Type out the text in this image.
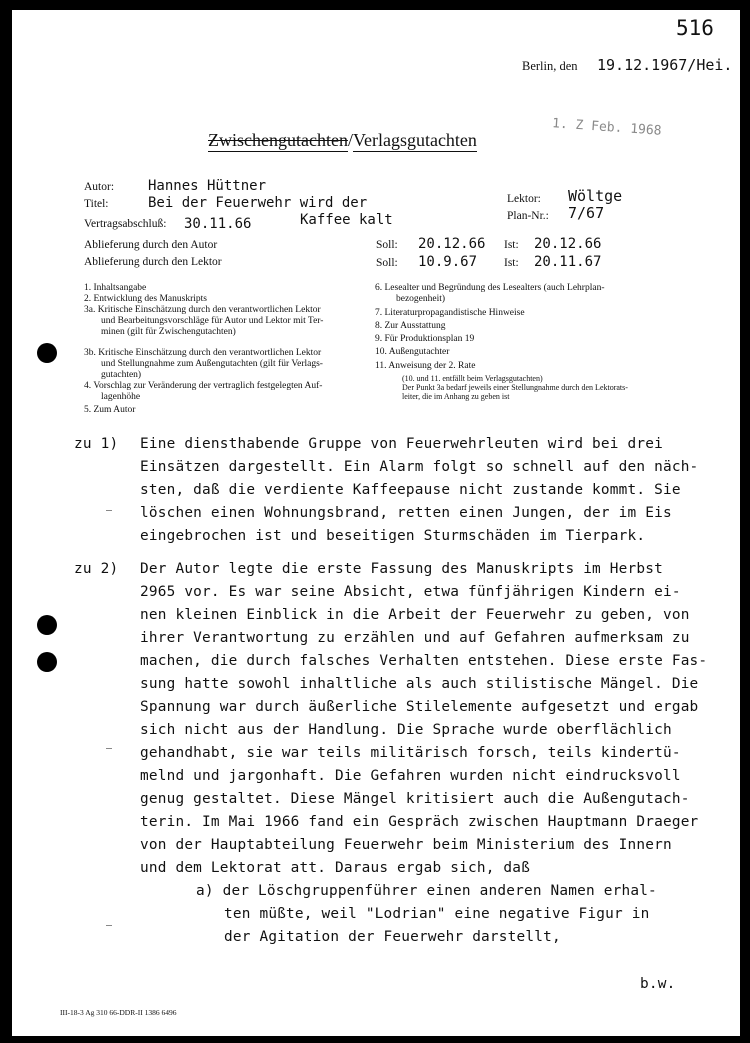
516
Berlin, den 19.12.1967/Hei.
1. Z Feb. 1968
Zwischengutachten/Verlagsgutachten
Autor: Hannes Hüttner
Titel:	Bei der Feuerwehr wird der
Kaffee kalt
Vertragsabschluß: 30.11.66
Lektor: Wöltge
Plan-Nr.: 7/67
Ablieferung durch den Autor
Ablieferung durch den Lektor
Soll: 20.12.66 Ist: 20.12.66
Soll: 10.9.67 Ist: 20.11.67
1. Inhaltsangabe
2. Entwicklung des Manuskripts
3a. Kritische Einschätzung durch den verantwortlichen Lektor
und Bearbeitungsvorschläge für Autor und Lektor mit Ter-
minen (gilt für Zwischengutachten)
3b. Kritische Einschätzung durch den verantwortlichen Lektor
und Stellungnahme zum Außengutachten (gilt für Verlags-
gutachten)
4. Vorschlag zur Veränderung der vertraglich festgelegten Auf-
lagenhöhe
5. Zum Autor
6. Lesealter und Begründung des Lesealters (auch Lehrplan-
bezogenheit)
7. Literaturpropagandistische Hinweise
8. Zur Ausstattung
9. Für Produktionsplan 19
10. Außengutachter
11. Anweisung der 2. Rate
(10. und 11. entfällt beim Verlagsgutachten)
Der Punkt 3a bedarf jeweils einer Stellungnahme durch den Lektorats-
leiter, die im Anhang zu geben ist
zu 1) Eine diensthabende Gruppe von Feuerwehrleuten wird bei drei
Einsätzen dargestellt. Ein Alarm folgt so schnell auf den näch-
sten, daß die verdiente Kaffeepause nicht zustande kommt. Sie
löschen einen Wohnungsbrand, retten einen Jungen, der im Eis
eingebrochen ist und beseitigen Sturmschäden im Tierpark.
zu 2) Der Autor legte die erste Fassung des Manuskripts im Herbst
2965 vor. Es war seine Absicht, etwa fünfjährigen Kindern ei-
nen kleinen Einblick in die Arbeit der Feuerwehr zu geben, von
ihrer Verantwortung zu erzählen und auf Gefahren aufmerksam zu
machen, die durch falsches Verhalten entstehen. Diese erste Fas-
sung hatte sowohl inhaltliche als auch stilistische Mängel. Die
Spannung war durch äußerliche Stilelemente aufgesetzt und ergab
sich nicht aus der Handlung. Die Sprache wurde oberflächlich
gehandhabt, sie war teils militärisch forsch, teils kindertü-
melnd und jargonhaft. Die Gefahren wurden nicht eindrucksvoll
genug gestaltet. Diese Mängel kritisiert auch die Außengutach-
terin. Im Mai 1966 fand ein Gespräch zwischen Hauptmann Draeger
von der Hauptabteilung Feuerwehr beim Ministerium des Innern
und dem Lektorat att. Daraus ergab sich, daß
a) der Löschgruppenführer einen anderen Namen erhal-
ten müßte, weil "Lodrian" eine negative Figur in
der Agitation der Feuerwehr darstellt,
b.w.
III-18-3 Ag 310 66-DDR-II 1386 6496
